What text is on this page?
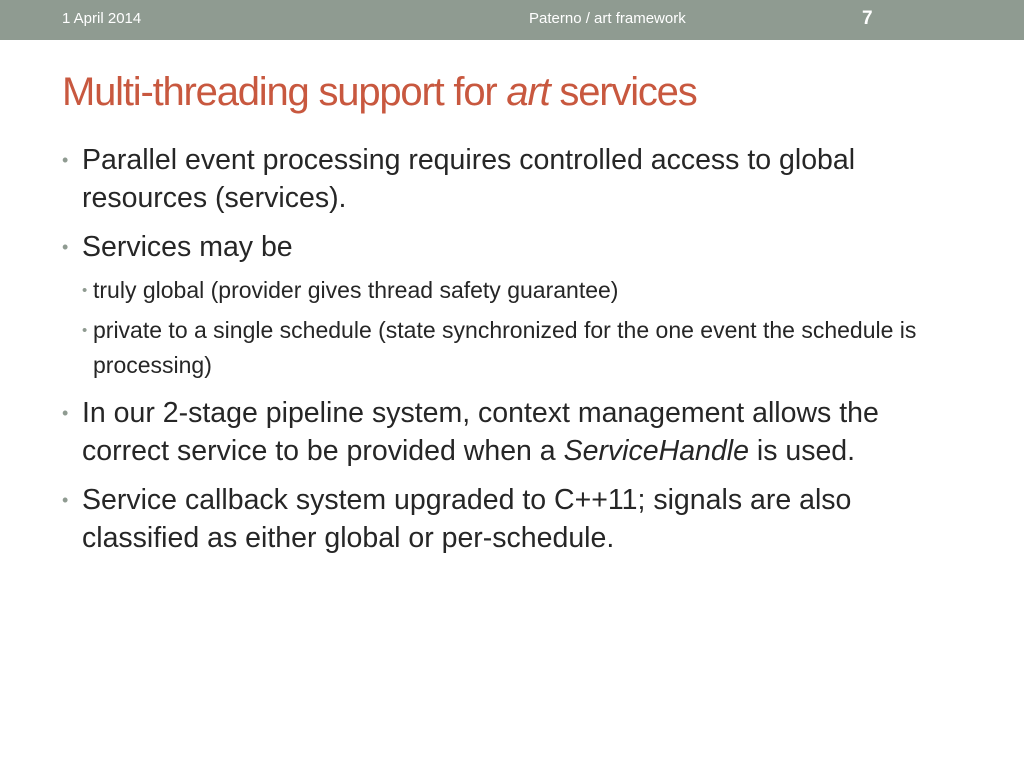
1 April 2014	Paterno / art framework	7
Multi-threading support for art services
• Parallel event processing requires controlled access to global resources (services).
• Services may be
• truly global (provider gives thread safety guarantee)
• private to a single schedule (state synchronized for the one event the schedule is processing)
• In our 2-stage pipeline system, context management allows the correct service to be provided when a ServiceHandle is used.
• Service callback system upgraded to C++11; signals are also classified as either global or per-schedule.
